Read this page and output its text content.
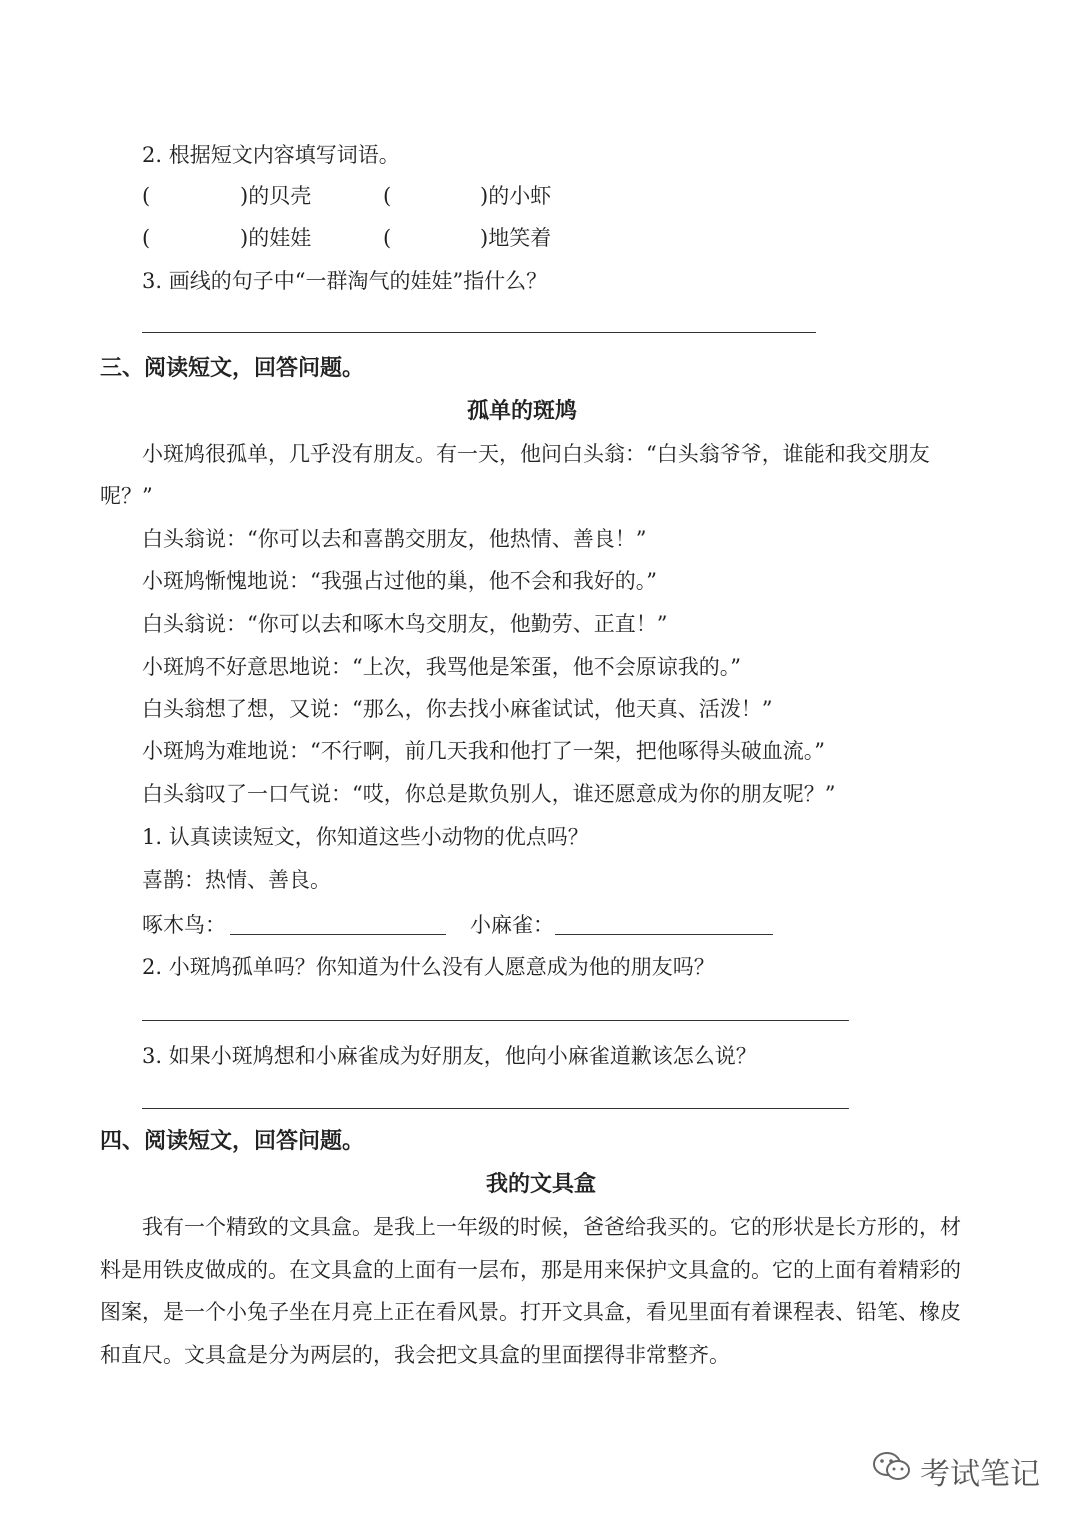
2. 根据短文内容填写词语。
(	)的贝壳	(	)的小虾
(	)的娃娃	(	)地笑着
3. 画线的句子中“一群淘气的娃娃”指什么？
三、阅读短文，回答问题。
孤单的斑鸠
小斑鸠很孤单，几乎没有朋友。有一天，他问白头翁：“白头翁爷爷，谁能和我交朋友
呢？”
白头翁说：“你可以去和喜鹊交朋友，他热情、善良！”
小斑鸠惭愧地说：“我强占过他的巢，他不会和我好的。”
白头翁说：“你可以去和啄木鸟交朋友，他勤劳、正直！”
小斑鸠不好意思地说：“上次，我骂他是笨蛋，他不会原谅我的。”
白头翁想了想，又说：“那么，你去找小麻雀试试，他天真、活泼！”
小斑鸠为难地说：“不行啊，前几天我和他打了一架，把他啄得头破血流。”
白头翁叹了一口气说：“哎，你总是欺负别人，谁还愿意成为你的朋友呢？”
1. 认真读读短文，你知道这些小动物的优点吗？
喜鹊：热情、善良。
啄木鸟：	小麻雀：
2. 小斑鸠孤单吗？你知道为什么没有人愿意成为他的朋友吗？
3. 如果小斑鸠想和小麻雀成为好朋友，他向小麻雀道歉该怎么说？
四、阅读短文，回答问题。
我的文具盒
我有一个精致的文具盒。是我上一年级的时候，爸爸给我买的。它的形状是长方形的，材
料是用铁皮做成的。在文具盒的上面有一层布，那是用来保护文具盒的。它的上面有着精彩的
图案，是一个小兔子坐在月亮上正在看风景。打开文具盒，看见里面有着课程表、铅笔、橡皮
和直尺。文具盒是分为两层的，我会把文具盒的里面摆得非常整齐。
考试笔记
